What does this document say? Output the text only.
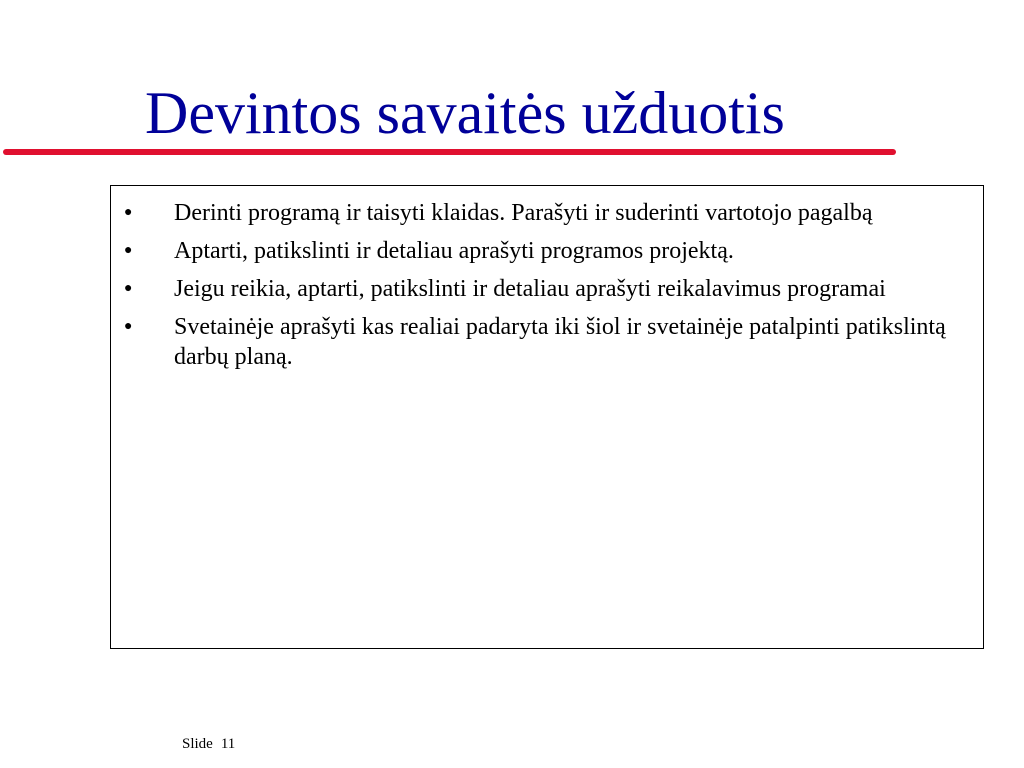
Devintos savaitės užduotis
● Derinti programą ir taisyti klaidas. Parašyti ir suderinti vartotojo pagalbą
● Aptarti, patikslinti ir detaliau aprašyti programos projektą.
● Jeigu reikia, aptarti, patikslinti ir detaliau aprašyti reikalavimus programai
● Svetainėje aprašyti kas realiai padaryta iki šiol ir svetainėje patalpinti patikslintą darbų planą.
Slide 11
